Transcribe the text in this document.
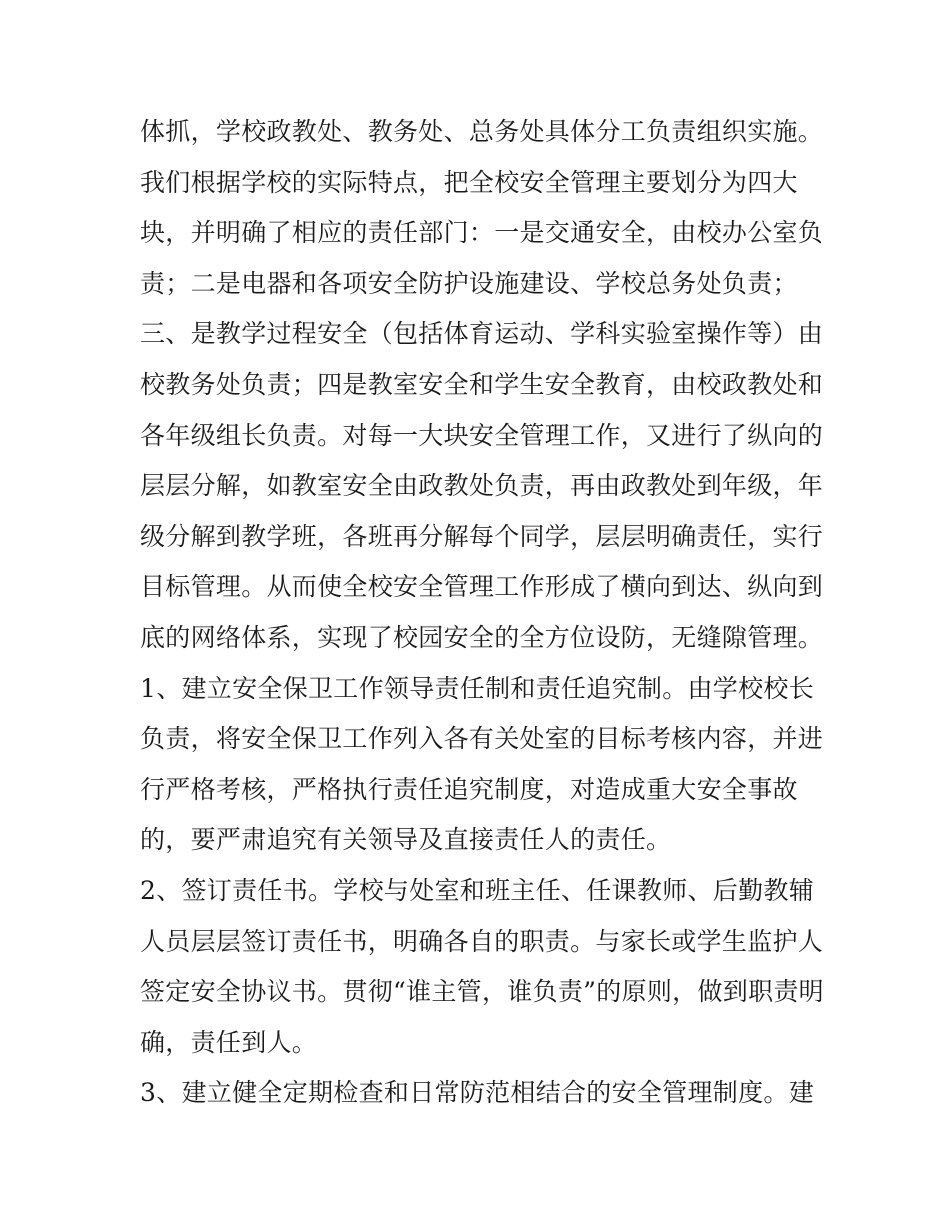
体抓，学校政教处、教务处、总务处具体分工负责组织实施。
我们根据学校的实际特点，把全校安全管理主要划分为四大
块，并明确了相应的责任部门：一是交通安全，由校办公室负
责；二是电器和各项安全防护设施建设、学校总务处负责；
三、是教学过程安全（包括体育运动、学科实验室操作等）由
校教务处负责；四是教室安全和学生安全教育，由校政教处和
各年级组长负责。对每一大块安全管理工作，又进行了纵向的
层层分解，如教室安全由政教处负责，再由政教处到年级，年
级分解到教学班，各班再分解每个同学，层层明确责任，实行
目标管理。从而使全校安全管理工作形成了横向到达、纵向到
底的网络体系，实现了校园安全的全方位设防，无缝隙管理。
1、建立安全保卫工作领导责任制和责任追究制。由学校校长
负责，将安全保卫工作列入各有关处室的目标考核内容，并进
行严格考核，严格执行责任追究制度，对造成重大安全事故
的，要严肃追究有关领导及直接责任人的责任。
2、签订责任书。学校与处室和班主任、任课教师、后勤教辅
人员层层签订责任书，明确各自的职责。与家长或学生监护人
签定安全协议书。贯彻“谁主管，谁负责”的原则，做到职责明
确，责任到人。
3、建立健全定期检查和日常防范相结合的安全管理制度。建
